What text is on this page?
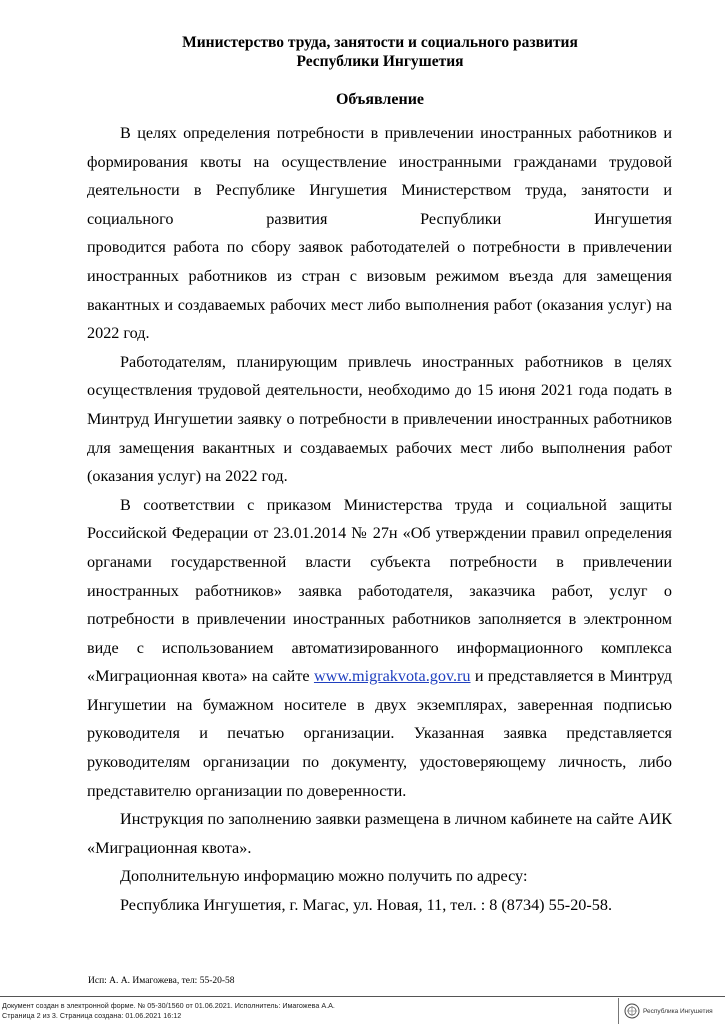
Министерство труда, занятости и социального развития
Республики Ингушетия
Объявление

В целях определения потребности в привлечении иностранных работников и формирования квоты на осуществление иностранными гражданами трудовой деятельности в Республике Ингушетия Министерством труда, занятости и

социального развития Республики Ингушетия

проводится работа по сбору заявок работодателей о потребности в привлечении иностранных работников из стран с визовым режимом въезда для замещения вакантных и создаваемых рабочих мест либо выполнения работ (оказания услуг) на 2022 год.

Работодателям, планирующим привлечь иностранных работников в целях осуществления трудовой деятельности, необходимо до 15 июня 2021 года подать в Минтруд Ингушетии заявку о потребности в привлечении иностранных работников для замещения вакантных и создаваемых рабочих мест либо выполнения работ (оказания услуг) на 2022 год.

В соответствии с приказом Министерства труда и социальной защиты Российской Федерации от 23.01.2014 № 27н «Об утверждении правил определения органами государственной власти субъекта потребности в привлечении иностранных работников» заявка работодателя, заказчика работ, услуг о потребности в привлечении иностранных работников заполняется в электронном виде с использованием автоматизированного информационного комплекса «Миграционная квота» на сайте www.migrakvota.gov.ru и представляется в Минтруд Ингушетии на бумажном носителе в двух экземплярах, заверенная подписью руководителя и печатью организации. Указанная заявка представляется руководителям организации по документу, удостоверяющему личность, либо представителю организации по доверенности.

Инструкция по заполнению заявки размещена в личном кабинете на сайте АИК «Миграционная квота».

Дополнительную информацию можно получить по адресу:

Республика Ингушетия, г. Магас, ул. Новая, 11, тел. : 8 (8734) 55-20-58.

Исп: А. А. Имагожева, тел: 55-20-58
Документ создан в электронной форме. № 05-30/1560 от 01.06.2021. Исполнитель: Имагожева А.А.
Страница 2 из 3. Страница создана: 01.06.2021 16:12	Республика Ингушетия
